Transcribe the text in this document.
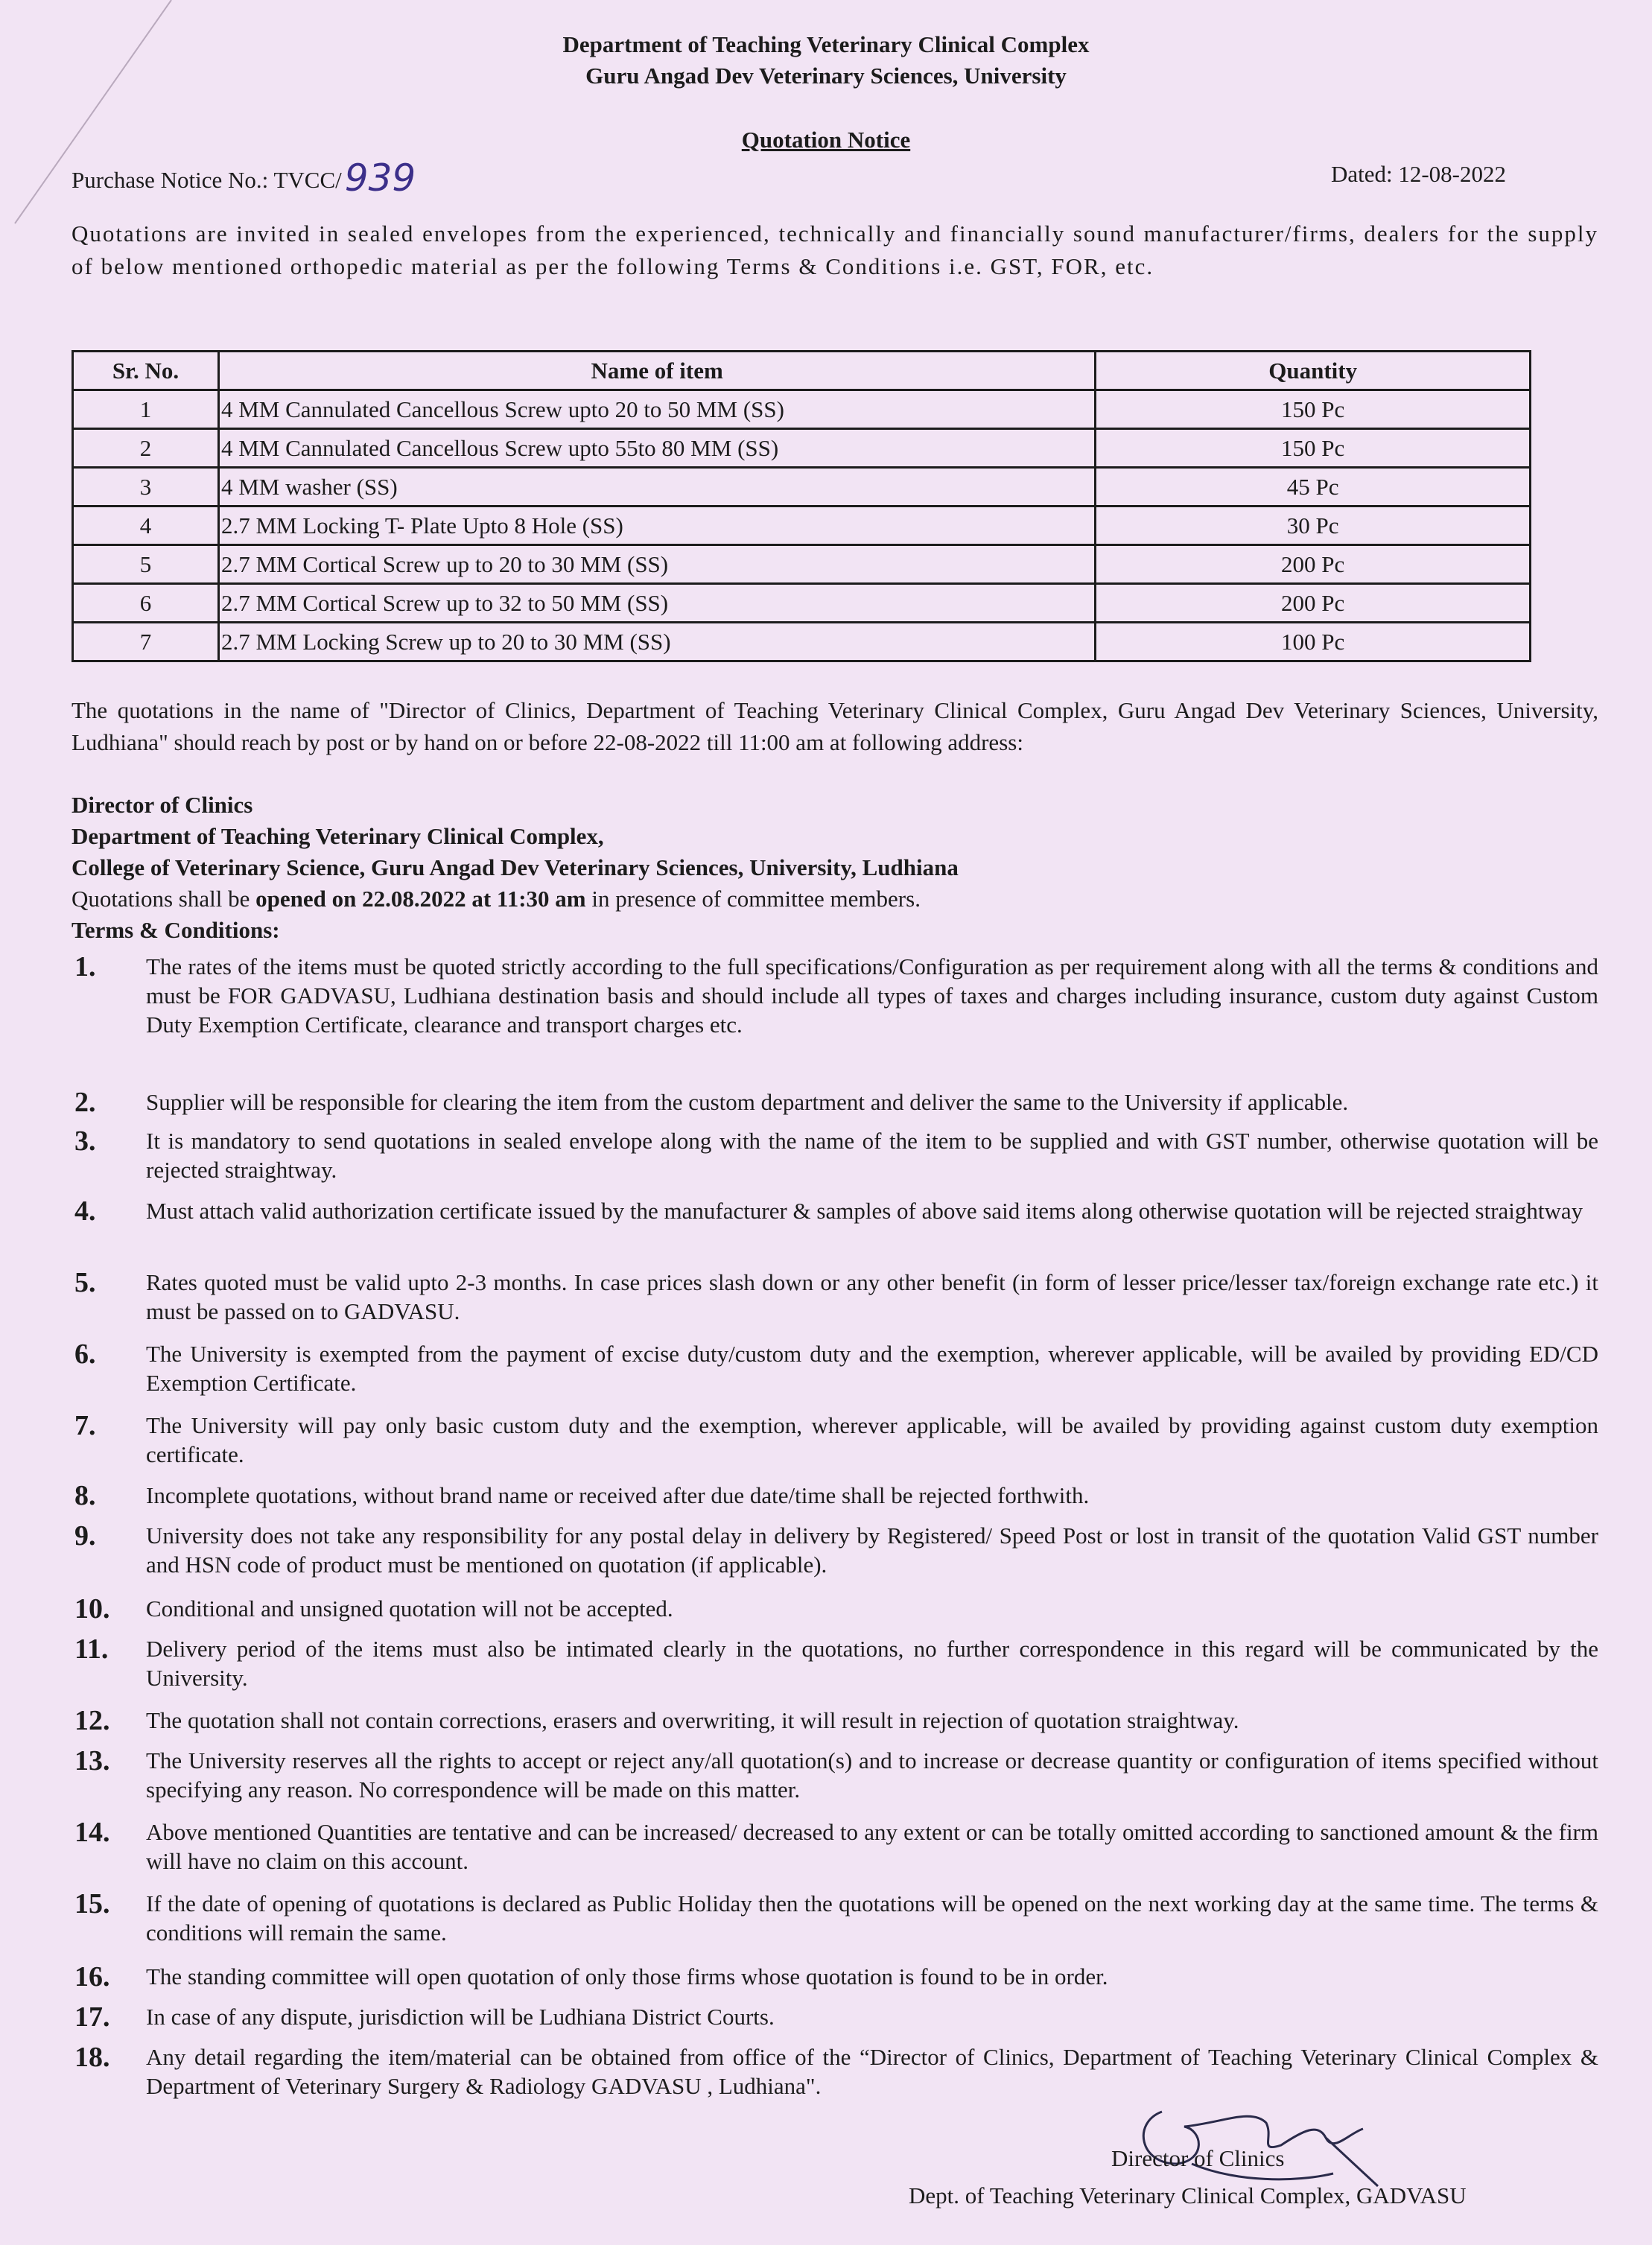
Department of Teaching Veterinary Clinical Complex
Guru Angad Dev Veterinary Sciences, University
Quotation Notice
Purchase Notice No.: TVCC/939	Dated: 12-08-2022
Quotations are invited in sealed envelopes from the experienced, technically and financially sound manufacturer/firms, dealers for the supply of below mentioned orthopedic material as per the following Terms & Conditions i.e. GST, FOR, etc.
Sr. No.	Name of item	Quantity
1	4 MM Cannulated Cancellous Screw upto 20 to 50 MM (SS)	150 Pc
2	4 MM Cannulated Cancellous Screw upto 55to 80 MM (SS)	150 Pc
3	4 MM washer (SS)	45 Pc
4	2.7 MM Locking T- Plate Upto 8 Hole (SS)	30 Pc
5	2.7 MM Cortical Screw up to 20 to 30 MM (SS)	200 Pc
6	2.7 MM Cortical Screw up to 32 to 50 MM (SS)	200 Pc
7	2.7 MM Locking Screw up to 20 to 30 MM (SS)	100 Pc
The quotations in the name of "Director of Clinics, Department of Teaching Veterinary Clinical Complex, Guru Angad Dev Veterinary Sciences, University, Ludhiana" should reach by post or by hand on or before 22-08-2022 till 11:00 am at following address:
Director of Clinics
Department of Teaching Veterinary Clinical Complex,
College of Veterinary Science, Guru Angad Dev Veterinary Sciences, University, Ludhiana
Quotations shall be opened on 22.08.2022 at 11:30 am in presence of committee members.
Terms & Conditions:
1. The rates of the items must be quoted strictly according to the full specifications/Configuration as per requirement along with all the terms & conditions and must be FOR GADVASU, Ludhiana destination basis and should include all types of taxes and charges including insurance, custom duty against Custom Duty Exemption Certificate, clearance and transport charges etc.
2. Supplier will be responsible for clearing the item from the custom department and deliver the same to the University if applicable.
3. It is mandatory to send quotations in sealed envelope along with the name of the item to be supplied and with GST number, otherwise quotation will be rejected straightway.
4. Must attach valid authorization certificate issued by the manufacturer & samples of above said items along otherwise quotation will be rejected straightway
5. Rates quoted must be valid upto 2-3 months. In case prices slash down or any other benefit (in form of lesser price/lesser tax/foreign exchange rate etc.) it must be passed on to GADVASU.
6. The University is exempted from the payment of excise duty/custom duty and the exemption, wherever applicable, will be availed by providing ED/CD Exemption Certificate.
7. The University will pay only basic custom duty and the exemption, wherever applicable, will be availed by providing against custom duty exemption certificate.
8. Incomplete quotations, without brand name or received after due date/time shall be rejected forthwith.
9. University does not take any responsibility for any postal delay in delivery by Registered/ Speed Post or lost in transit of the quotation Valid GST number and HSN code of product must be mentioned on quotation (if applicable).
10. Conditional and unsigned quotation will not be accepted.
11. Delivery period of the items must also be intimated clearly in the quotations, no further correspondence in this regard will be communicated by the University.
12. The quotation shall not contain corrections, erasers and overwriting, it will result in rejection of quotation straightway.
13. The University reserves all the rights to accept or reject any/all quotation(s) and to increase or decrease quantity or configuration of items specified without specifying any reason. No correspondence will be made on this matter.
14. Above mentioned Quantities are tentative and can be increased/ decreased to any extent or can be totally omitted according to sanctioned amount & the firm will have no claim on this account.
15. If the date of opening of quotations is declared as Public Holiday then the quotations will be opened on the next working day at the same time. The terms & conditions will remain the same.
16. The standing committee will open quotation of only those firms whose quotation is found to be in order.
17. In case of any dispute, jurisdiction will be Ludhiana District Courts.
18. Any detail regarding the item/material can be obtained from office of the “Director of Clinics, Department of Teaching Veterinary Clinical Complex & Department of Veterinary Surgery & Radiology GADVASU , Ludhiana".
Director of Clinics
Dept. of Teaching Veterinary Clinical Complex, GADVASU
